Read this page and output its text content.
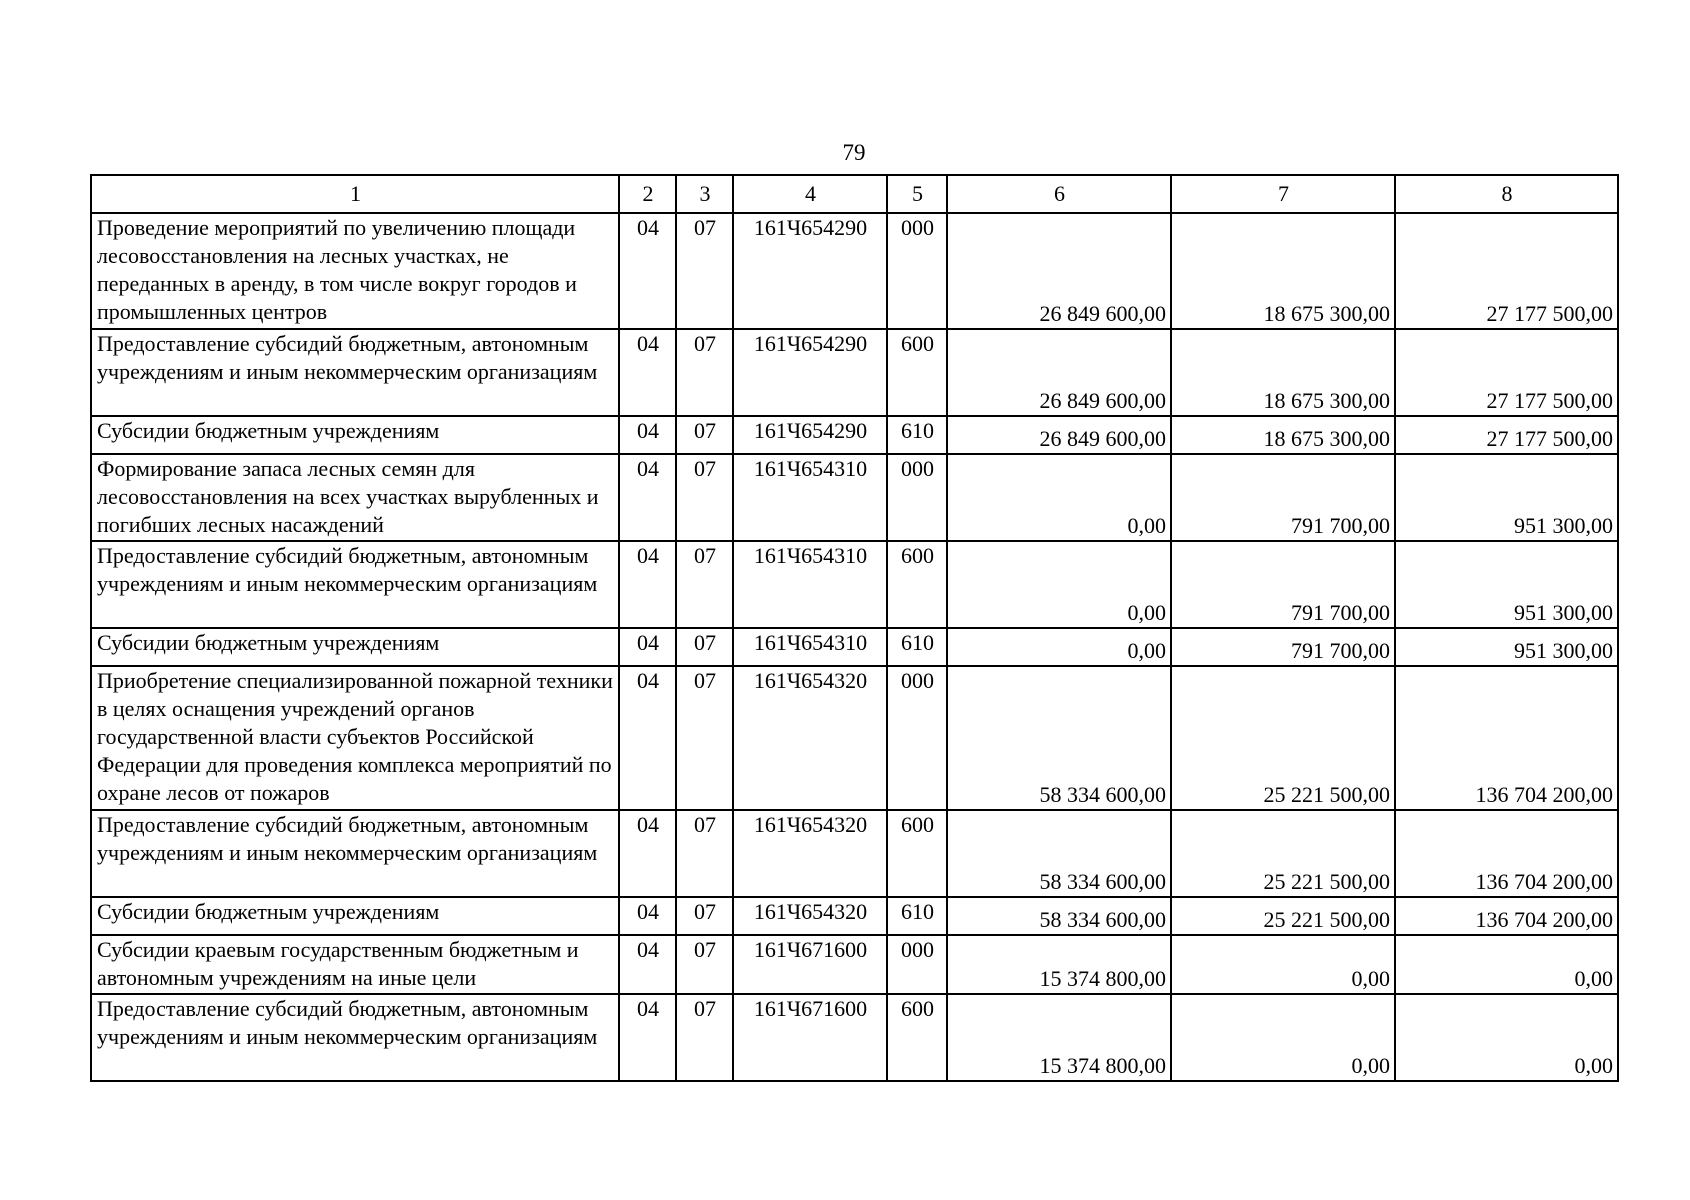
79
1	2	3	4	5	6	7	8
Проведение мероприятий по увеличению площади лесовосстановления на лесных участках, не переданных в аренду, в том числе вокруг городов и промышленных центров	04	07	161Ч654290	000	26 849 600,00	18 675 300,00	27 177 500,00
Предоставление субсидий бюджетным, автономным учреждениям и иным некоммерческим организациям	04	07	161Ч654290	600	26 849 600,00	18 675 300,00	27 177 500,00
Субсидии бюджетным учреждениям	04	07	161Ч654290	610	26 849 600,00	18 675 300,00	27 177 500,00
Формирование запаса лесных семян для лесовосстановления на всех участках вырубленных и погибших лесных насаждений	04	07	161Ч654310	000	0,00	791 700,00	951 300,00
Предоставление субсидий бюджетным, автономным учреждениям и иным некоммерческим организациям	04	07	161Ч654310	600	0,00	791 700,00	951 300,00
Субсидии бюджетным учреждениям	04	07	161Ч654310	610	0,00	791 700,00	951 300,00
Приобретение специализированной пожарной техники в целях оснащения учреждений органов государственной власти субъектов Российской Федерации для проведения комплекса мероприятий по охране лесов от пожаров	04	07	161Ч654320	000	58 334 600,00	25 221 500,00	136 704 200,00
Предоставление субсидий бюджетным, автономным учреждениям и иным некоммерческим организациям	04	07	161Ч654320	600	58 334 600,00	25 221 500,00	136 704 200,00
Субсидии бюджетным учреждениям	04	07	161Ч654320	610	58 334 600,00	25 221 500,00	136 704 200,00
Субсидии краевым государственным бюджетным и автономным учреждениям на иные цели	04	07	161Ч671600	000	15 374 800,00	0,00	0,00
Предоставление субсидий бюджетным, автономным учреждениям и иным некоммерческим организациям	04	07	161Ч671600	600	15 374 800,00	0,00	0,00
